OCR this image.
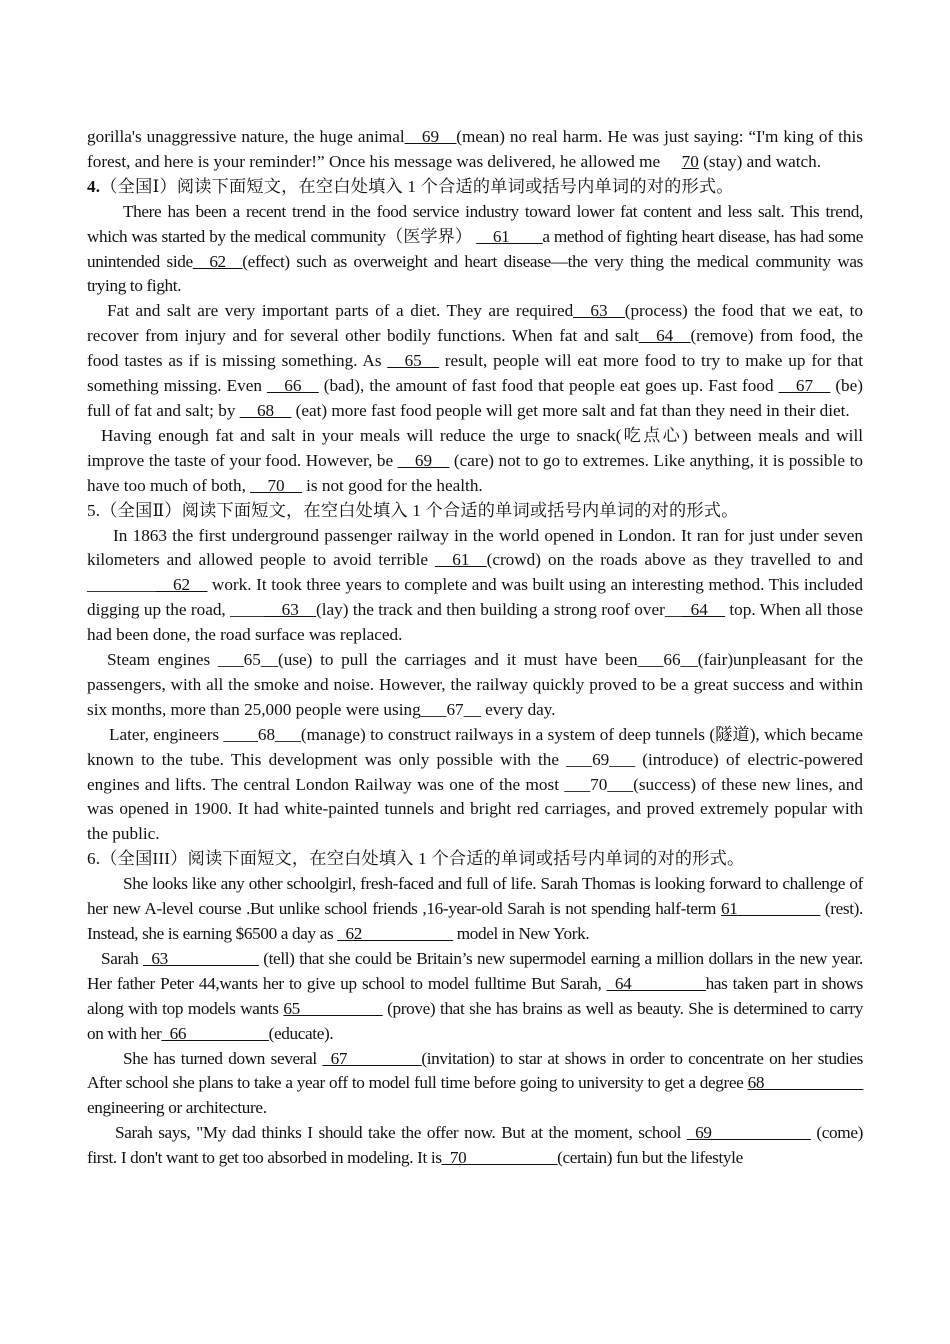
gorilla's unaggressive nature, the huge animal__69__(mean) no real harm. He was just saying: “I'm king of this forest, and here is your reminder!” Once his message was delivered, he allowed me 70 (stay) and watch.

4.（全国Ⅰ）阅读下面短文，在空白处填入 1 个合适的单词或括号内单词的对的形式。

There has been a recent trend in the food service industry toward lower fat content and less salt. This trend, which was started by the medical community（医学界） __61____a method of fighting heart disease, has had some unintended side__62__(effect) such as overweight and heart disease—the very thing the medical community was trying to fight.

Fat and salt are very important parts of a diet. They are required__63__(process) the food that we eat, to recover from injury and for several other bodily functions. When fat and salt__64__(remove) from food, the food tastes as if is missing something. As __65__ result, people will eat more food to try to make up for that something missing. Even __66__ (bad), the amount of fast food that people eat goes up. Fast food __67__ (be) full of fat and salt; by __68__ (eat) more fast food people will get more salt and fat than they need in their diet.

Having enough fat and salt in your meals will reduce the urge to snack(吃点心) between meals and will improve the taste of your food. However, be __69__ (care) not to go to extremes. Like anything, it is possible to have too much of both, __70__ is not good for the health.

5.（全国Ⅱ）阅读下面短文，在空白处填入 1 个合适的单词或括号内单词的对的形式。

In 1863 the first underground passenger railway in the world opened in London. It ran for just under seven kilometers and allowed people to avoid terrible __61__(crowd) on the roads above as they travelled to and __________62__ work. It took three years to complete and was built using an interesting method. This included digging up the road, ______63__(lay) the track and then building a strong roof over___64__ top. When all those had been done, the road surface was replaced.

Steam engines ___65__(use) to pull the carriages and it must have been___66__(fair)unpleasant for the passengers, with all the smoke and noise. However, the railway quickly proved to be a great success and within six months, more than 25,000 people were using___67__ every day.

Later, engineers ____68___(manage) to construct railways in a system of deep tunnels (隧道), which became known to the tube. This development was only possible with the ___69___ (introduce) of electric-powered engines and lifts. The central London Railway was one of the most ___70___(success) of these new lines, and was opened in 1900. It had white-painted tunnels and bright red carriages, and proved extremely popular with the public.

6.（全国III）阅读下面短文，在空白处填入 1 个合适的单词或括号内单词的对的形式。

She looks like any other schoolgirl, fresh-faced and full of life. Sarah Thomas is looking forward to challenge of her new A-level course .But unlike school friends ,16-year-old Sarah is not spending half-term 61__________ (rest). Instead, she is earning $6500 a day as _62___________ model in New York.

Sarah _63___________ (tell) that she could be Britain’s new supermodel earning a million dollars in the new year. Her father Peter 44,wants her to give up school to model fulltime But Sarah, _64_________has taken part in shows along with top models wants 65__________ (prove) that she has brains as well as beauty. She is determined to carry on with her_66__________(educate).

She has turned down several _67_________(invitation) to star at shows in order to concentrate on her studies After school she plans to take a year off to model full time before going to university to get a degree 68____________ engineering or architecture.

Sarah says, "My dad thinks I should take the offer now. But at the moment, school _69____________ (come) first. I don't want to get too absorbed in modeling. It is_70___________(certain) fun but the lifestyle
